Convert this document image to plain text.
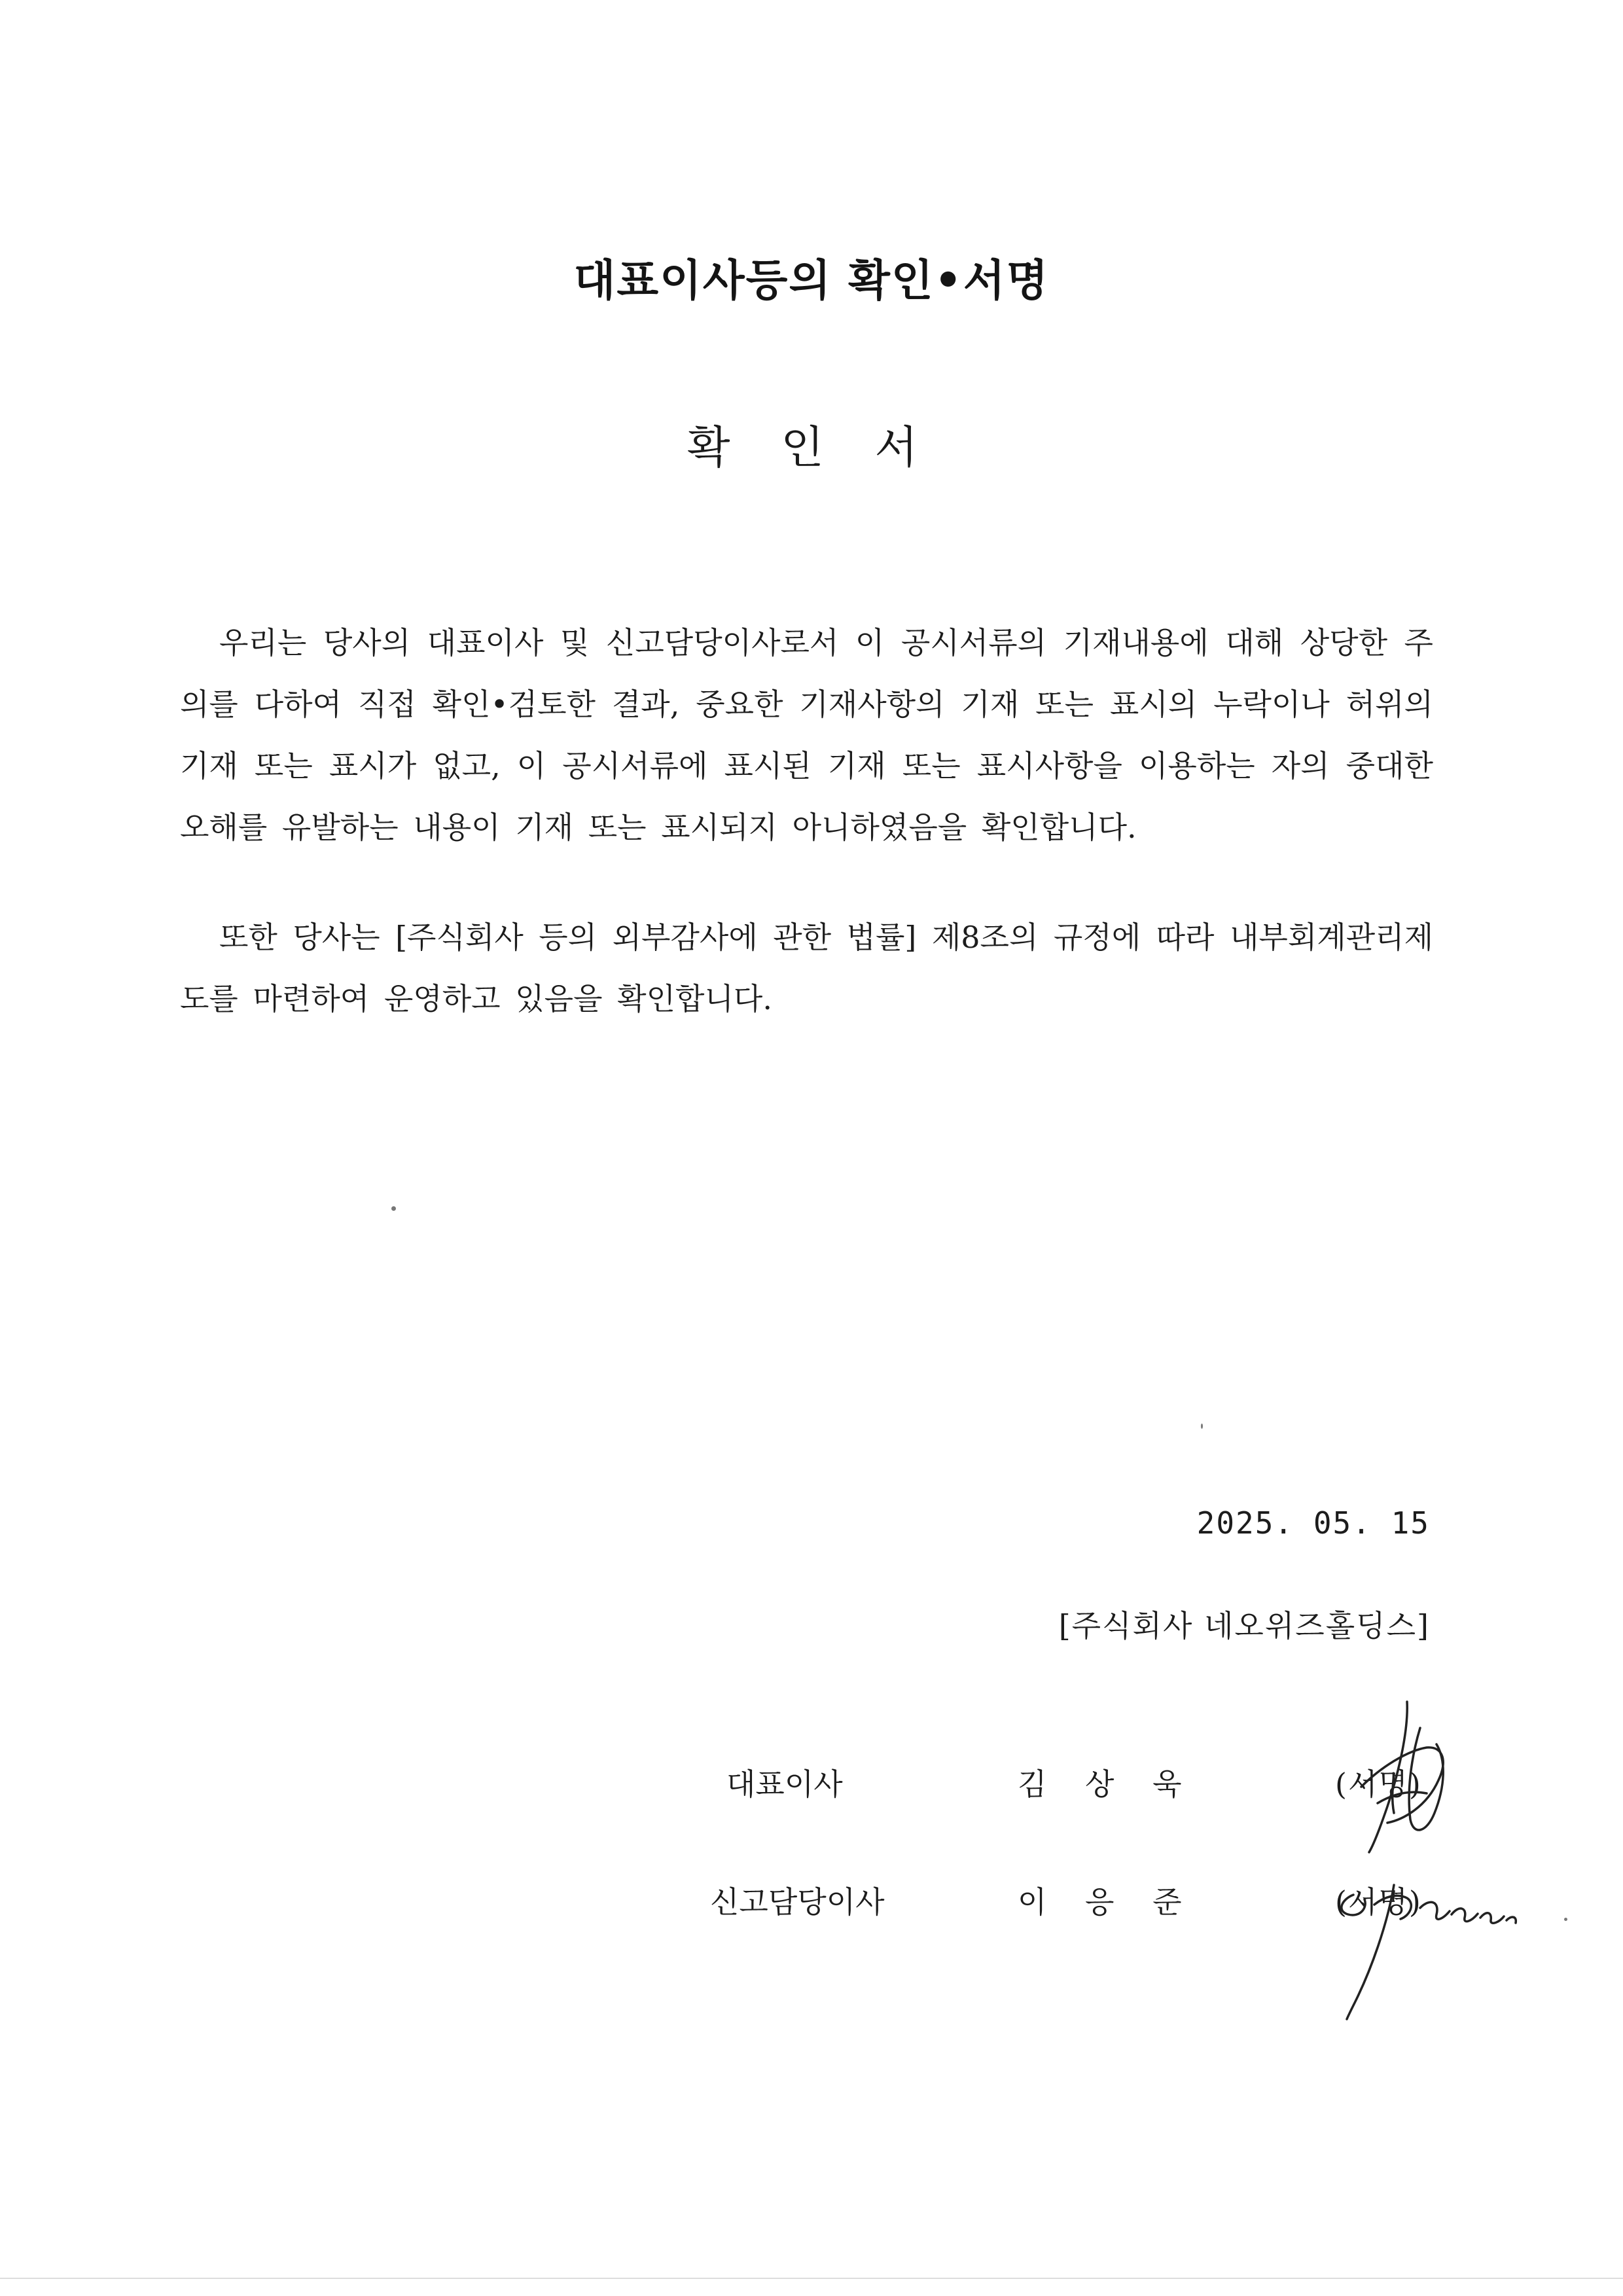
대표이사등의 확인•서명
확 인 서

우리는 당사의 대표이사 및 신고담당이사로서 이 공시서류의 기재내용에 대해 상당한 주의를 다하여 직접 확인•검토한 결과, 중요한 기재사항의 기재 또는 표시의 누락이나 허위의 기재 또는 표시가 없고, 이 공시서류에 표시된 기재 또는 표시사항을 이용하는 자의 중대한 오해를 유발하는 내용이 기재 또는 표시되지 아니하였음을 확인합니다.

또한 당사는 [주식회사 등의 외부감사에 관한 법률] 제8조의 규정에 따라 내부회계관리제도를 마련하여 운영하고 있음을 확인합니다.

2025. 05. 15
[주식회사 네오위즈홀딩스]
대표이사	김 상 욱	(서명)
신고담당이사	이 응 준	(서명)
